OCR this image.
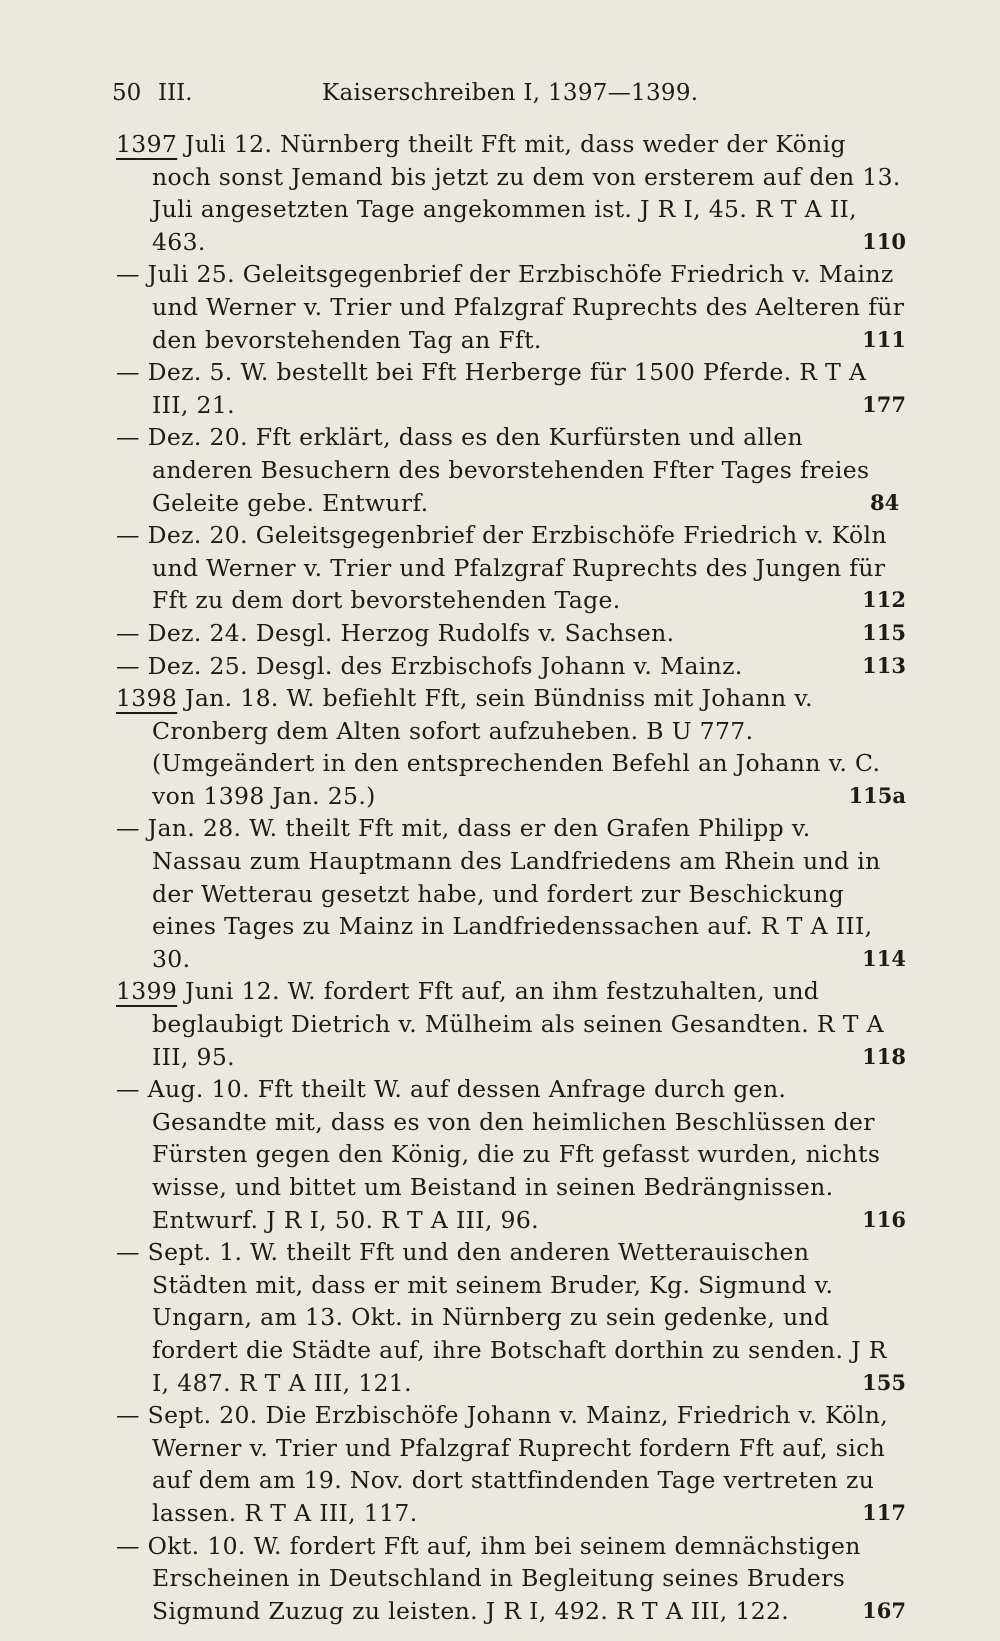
50 III.	Kaiserschreiben I, 1397—1399.
1397 Juli 12. Nürnberg theilt Fft mit, dass weder der König noch sonst Jemand bis jetzt zu dem von ersterem auf den 13. Juli angesetzten Tage angekommen ist. J R I, 45. R T A II, 463.	110
— Juli 25. Geleitsgegenbrief der Erzbischöfe Friedrich v. Mainz und Werner v. Trier und Pfalzgraf Ruprechts des Aelteren für den bevorstehenden Tag an Fft.	111
— Dez. 5. W. bestellt bei Fft Herberge für 1500 Pferde. R T A III, 21.	177
— Dez. 20. Fft erklärt, dass es den Kurfürsten und allen anderen Besuchern des bevorstehenden Ffter Tages freies Geleite gebe. Entwurf.	84
— Dez. 20. Geleitsgegenbrief der Erzbischöfe Friedrich v. Köln und Werner v. Trier und Pfalzgraf Ruprechts des Jungen für Fft zu dem dort bevorstehenden Tage.	112
— Dez. 24. Desgl. Herzog Rudolfs v. Sachsen.	115
— Dez. 25. Desgl. des Erzbischofs Johann v. Mainz.	113
1398 Jan. 18. W. befiehlt Fft, sein Bündniss mit Johann v. Cronberg dem Alten sofort aufzuheben. B U 777. (Umgeändert in den entsprechenden Befehl an Johann v. C. von 1398 Jan. 25.)	115a
— Jan. 28. W. theilt Fft mit, dass er den Grafen Philipp v. Nassau zum Hauptmann des Landfriedens am Rhein und in der Wetterau gesetzt habe, und fordert zur Beschickung eines Tages zu Mainz in Landfriedenssachen auf. R T A III, 30.	114
1399 Juni 12. W. fordert Fft auf, an ihm festzuhalten, und beglaubigt Dietrich v. Mülheim als seinen Gesandten. R T A III, 95.	118
— Aug. 10. Fft theilt W. auf dessen Anfrage durch gen. Gesandte mit, dass es von den heimlichen Beschlüssen der Fürsten gegen den König, die zu Fft gefasst wurden, nichts wisse, und bittet um Beistand in seinen Bedrängnissen. Entwurf. J R I, 50. R T A III, 96.	116
— Sept. 1. W. theilt Fft und den anderen Wetterauischen Städten mit, dass er mit seinem Bruder, Kg. Sigmund v. Ungarn, am 13. Okt. in Nürnberg zu sein gedenke, und fordert die Städte auf, ihre Botschaft dorthin zu senden. J R I, 487. R T A III, 121.	155
— Sept. 20. Die Erzbischöfe Johann v. Mainz, Friedrich v. Köln, Werner v. Trier und Pfalzgraf Ruprecht fordern Fft auf, sich auf dem am 19. Nov. dort stattfindenden Tage vertreten zu lassen. R T A III, 117.	117
— Okt. 10. W. fordert Fft auf, ihm bei seinem demnächstigen Erscheinen in Deutschland in Begleitung seines Bruders Sigmund Zuzug zu leisten. J R I, 492. R T A III, 122.	167
